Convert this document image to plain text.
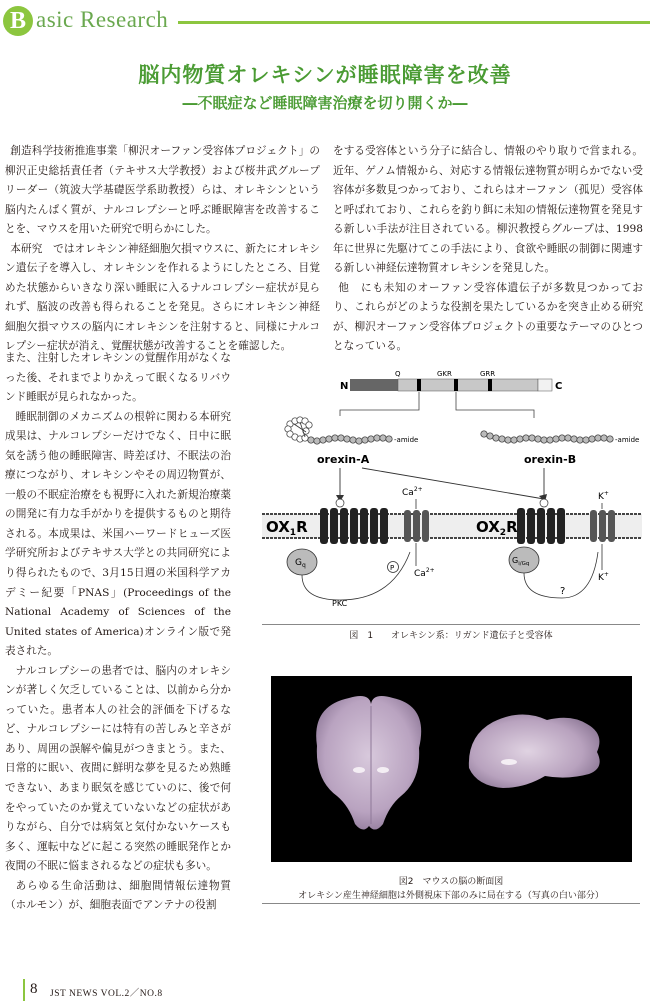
B asic Research
脳内物質オレキシンが睡眠障害を改善
―不眠症など睡眠障害治療を切り開くか―

創造科学技術推進事業「柳沢オーファン受容体プロジェクト」の柳沢正史総括責任者（テキサス大学教授）および桜井武グループリーダー（筑波大学基礎医学系助教授）らは、オレキシンという脳内たんぱく質が、ナルコレプシーと呼ぶ睡眠障害を改善することを、マウスを用いた研究で明らかにした。

本研究　ではオレキシン神経細胞欠損マウスに、新たにオレキシン遺伝子を導入し、オレキシンを作れるようにしたところ、目覚めた状態からいきなり深い睡眠に入るナルコレプシー症状が見られず、脳波の改善も得られることを発見。さらにオレキシン神経細胞欠損マウスの脳内にオレキシンを注射すると、同様にナルコレプシー症状が消え、覚醒状態が改善することを確認した。

をする受容体という分子に結合し、情報のやり取りで営まれる。近年、ゲノム情報から、対応する情報伝達物質が明らかでない受容体が多数見つかっており、これらはオーファン（孤児）受容体と呼ばれており、これらを釣り餌に未知の情報伝達物質を発見する新しい手法が注目されている。柳沢教授らグループは、1998年に世界に先駆けてこの手法により、食欲や睡眠の制御に関連する新しい神経伝達物質オレキシンを発見した。

他　にも未知のオーファン受容体遺伝子が多数見つかっており、これらがどのような役割を果たしているかを突き止める研究が、柳沢オーファン受容体プロジェクトの重要なテーマのひとつとなっている。

また、注射したオレキシンの覚醒作用がなくなった後、それまでよりかえって眠くなるリバウンド睡眠が見られなかった。

睡眠制御のメカニズムの根幹に関わる本研究成果は、ナルコレプシーだけでなく、日中に眠気を誘う他の睡眠障害、時差ぼけ、不眠法の治療につながり、オレキシンやその周辺物質が、一般の不眠症治療をも視野に入れた新規治療薬の開発に有力な手がかりを提供するものと期待される。本成果は、米国ハーワードヒューズ医学研究所およびテキサス大学との共同研究により得られたもので、3月15日週の米国科学アカデミー紀要「PNAS」(Proceedings of the National Academy of Sciences of the United states of America)オンライン版で発表された。

ナルコレプシーの患者では、脳内のオレキシンが著しく欠乏していることは、以前から分かっていた。患者本人の社会的評価を下げるなど、ナルコレプシーには特有の苦しみと辛さがあり、周囲の誤解や偏見がつきまとう。また、日常的に眠い、夜間に鮮明な夢を見るため熟睡できない、あまり眠気を感じていのに、後で何をやっていたのか覚えていないなどの症状がありながら、自分では病気と気付かないケースも多く、運転中などに起こる突然の睡眠発作とか夜間の不眠に悩まされるなどの症状も多い。

あらゆる生命活動は、細胞間情報伝達物質（ホルモン）が、細胞表面でアンテナの役割

N	C
Q	GKR	GRR
-amide	-amide
orexin-A	orexin-B
$OX_1R$	$OX_2R$
$Ca^{2+}$
$Ca^{2+}$
K+
K+
$G_q$
$G_{i/Gq}$
P
PKC
?
図　1　　オレキシン系：リガンド遺伝子と受容体
図2　マウスの脳の断面図
オレキシン産生神経細胞は外側視床下部のみに局在する（写真の白い部分）
8 JST NEWS VOL.2／NO.8
